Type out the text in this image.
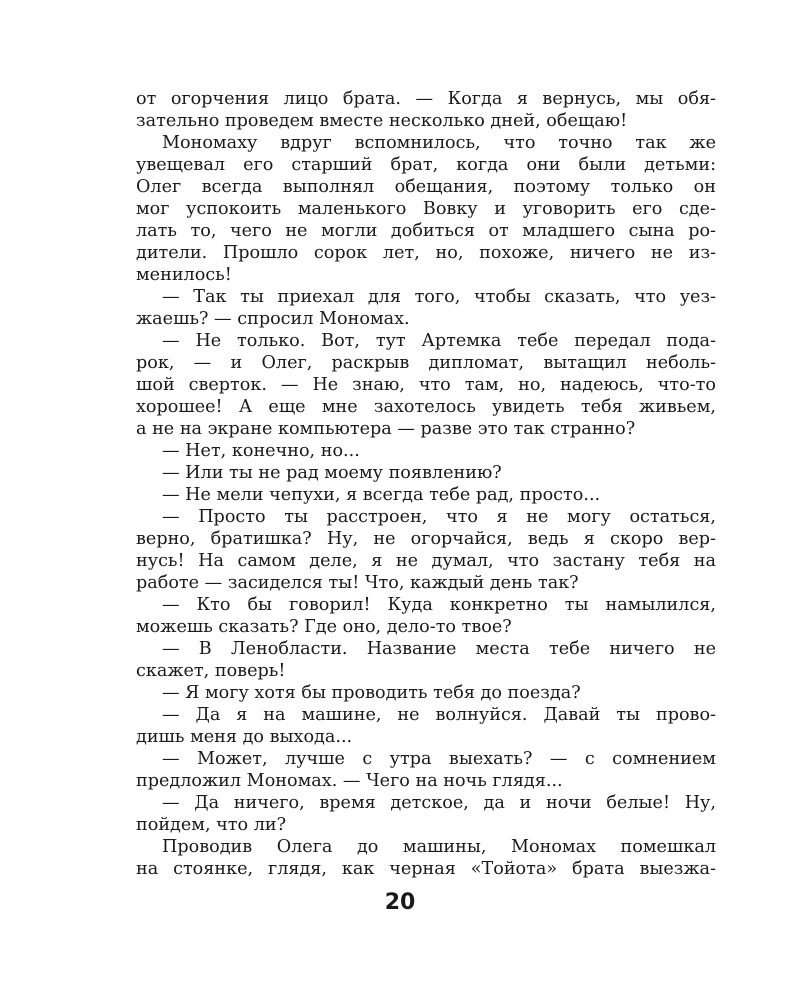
от огорчения лицо брата. — Когда я вернусь, мы обя-
зательно проведем вместе несколько дней, обещаю!
Мономаху вдруг вспомнилось, что точно так же
увещевал его старший брат, когда они были детьми:
Олег всегда выполнял обещания, поэтому только он
мог успокоить маленького Вовку и уговорить его сде-
лать то, чего не могли добиться от младшего сына ро-
дители. Прошло сорок лет, но, похоже, ничего не из-
менилось!
— Так ты приехал для того, чтобы сказать, что уез-
жаешь? — спросил Мономах.
— Не только. Вот, тут Артемка тебе передал пода-
рок, — и Олег, раскрыв дипломат, вытащил неболь-
шой сверток. — Не знаю, что там, но, надеюсь, что-то
хорошее! А еще мне захотелось увидеть тебя живьем,
а не на экране компьютера — разве это так странно?
— Нет, конечно, но...
— Или ты не рад моему появлению?
— Не мели чепухи, я всегда тебе рад, просто...
— Просто ты расстроен, что я не могу остаться,
верно, братишка? Ну, не огорчайся, ведь я скоро вер-
нусь! На самом деле, я не думал, что застану тебя на
работе — засиделся ты! Что, каждый день так?
— Кто бы говорил! Куда конкретно ты намылился,
можешь сказать? Где оно, дело-то твое?
— В Ленобласти. Название места тебе ничего не
скажет, поверь!
— Я могу хотя бы проводить тебя до поезда?
— Да я на машине, не волнуйся. Давай ты прово-
дишь меня до выхода...
— Может, лучше с утра выехать? — с сомнением
предложил Мономах. — Чего на ночь глядя...
— Да ничего, время детское, да и ночи белые! Ну,
пойдем, что ли?
Проводив Олега до машины, Мономах помешкал
на стоянке, глядя, как черная «Тойота» брата выезжа-
20
